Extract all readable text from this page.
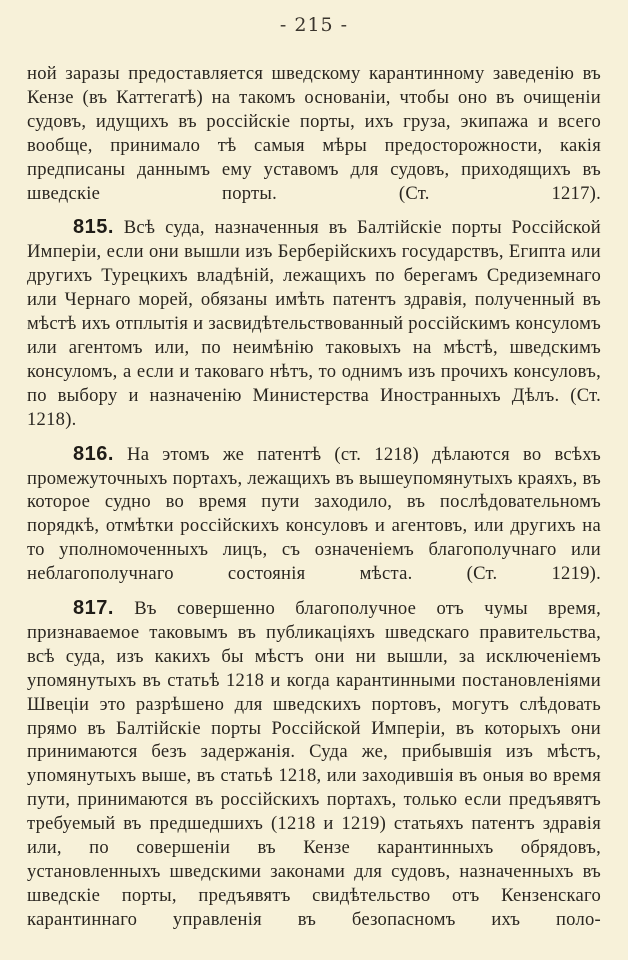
- 215 -

ной заразы предоставляется шведскому карантинному заведенію въ Кензе (въ Каттегатѣ) на такомъ основаніи, чтобы оно въ очищеніи судовъ, идущихъ въ россійскіе порты, ихъ груза, экипажа и всего вообще, принимало тѣ самыя мѣры предосторожности, какія предписаны даннымъ ему уставомъ для судовъ, приходящихъ въ шведскіе порты.	(Ст. 1217).

815. Всѣ суда, назначенныя въ Балтійскіе порты Россійской Имперіи, если они вышли изъ Берберійскихъ государствъ, Египта или другихъ Турецкихъ владѣній, лежащихъ по берегамъ Средиземнаго или Чернаго морей, обязаны имѣть патентъ здравія, полученный въ мѣстѣ ихъ отплытія и засвидѣтельствованный россійскимъ консуломъ или агентомъ или, по неимѣнію таковыхъ на мѣстѣ, шведскимъ консуломъ, а если и таковаго нѣтъ, то однимъ изъ прочихъ консуловъ, по выбору и назначенію Министерства Иностранныхъ Дѣлъ. (Ст. 1218).

816. На этомъ же патентѣ (ст. 1218) дѣлаются во всѣхъ промежуточныхъ портахъ, лежащихъ въ вышеупомянутыхъ краяхъ, въ которое судно во время пути заходило, въ послѣдовательномъ порядкѣ, отмѣтки россійскихъ консуловъ и агентовъ, или другихъ на то уполномоченныхъ лицъ, съ означеніемъ благополучнаго или неблагополучнаго состоянія мѣста.	(Ст. 1219).

817. Въ совершенно благополучное отъ чумы время, признаваемое таковымъ въ публикаціяхъ шведскаго правительства, всѣ суда, изъ какихъ бы мѣстъ они ни вышли, за исключеніемъ упомянутыхъ въ статьѣ 1218 и когда карантинными постановленіями Швеціи это разрѣшено для шведскихъ портовъ, могутъ слѣдовать прямо въ Балтійскіе порты Россійской Имперіи, въ которыхъ они принимаются безъ задержанія. Суда же, прибывшія изъ мѣстъ, упомянутыхъ выше, въ статьѣ 1218, или заходившія въ оныя во время пути, принимаются въ россійскихъ портахъ, только если предъявятъ требуемый въ предшедшихъ (1218 и 1219) статьяхъ патентъ здравія или, по совершеніи въ Кензе карантинныхъ обрядовъ, установленныхъ шведскими законами для судовъ, назначенныхъ въ шведскіе порты, предъявятъ свидѣтельство отъ Кензенскаго карантиннаго управленія въ безопасномъ ихъ поло-
